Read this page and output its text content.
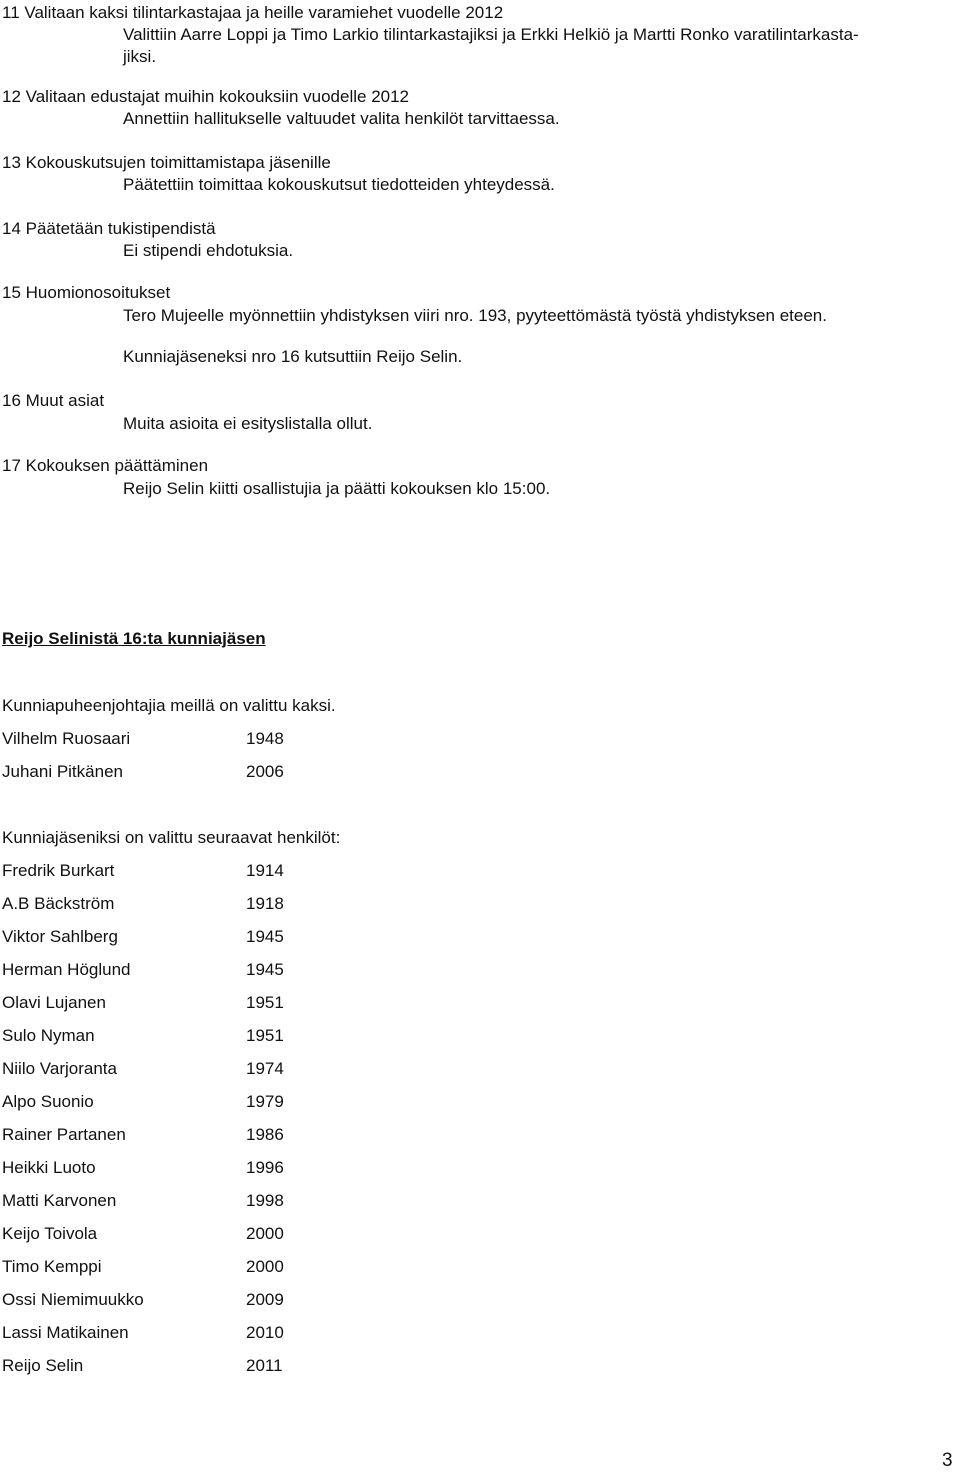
11 Valitaan kaksi tilintarkastajaa ja heille varamiehet vuodelle 2012
Valittiin Aarre Loppi ja Timo Larkio tilintarkastajiksi ja Erkki Helkiö ja Martti Ronko varatilintarkasta-
jiksi.
12 Valitaan edustajat muihin kokouksiin vuodelle 2012
Annettiin hallitukselle valtuudet valita henkilöt tarvittaessa.
13 Kokouskutsujen toimittamistapa jäsenille
Päätettiin toimittaa kokouskutsut tiedotteiden yhteydessä.
14 Päätetään tukistipendistä
Ei stipendi ehdotuksia.
15 Huomionosoitukset
Tero Mujeelle myönnettiin yhdistyksen viiri nro. 193, pyyteettömästä työstä yhdistyksen eteen.
Kunniajäseneksi nro 16 kutsuttiin Reijo Selin.
16 Muut asiat
Muita asioita ei esityslistalla ollut.
17 Kokouksen päättäminen
Reijo Selin kiitti osallistujia ja päätti kokouksen klo 15:00.
Reijo Selinistä 16:ta kunniajäsen
Kunniapuheenjohtajia meillä on valittu kaksi.
Vilhelm Ruosaari	1948
Juhani Pitkänen	2006
Kunniajäseniksi on valittu seuraavat henkilöt:
Fredrik Burkart	1914
A.B Bäckström	1918
Viktor Sahlberg	1945
Herman Höglund	1945
Olavi Lujanen	1951
Sulo Nyman	1951
Niilo Varjoranta	1974
Alpo Suonio	1979
Rainer Partanen	1986
Heikki Luoto	1996
Matti Karvonen	1998
Keijo Toivola	2000
Timo Kemppi	2000
Ossi Niemimuukko	2009
Lassi Matikainen	2010
Reijo Selin	2011
3
